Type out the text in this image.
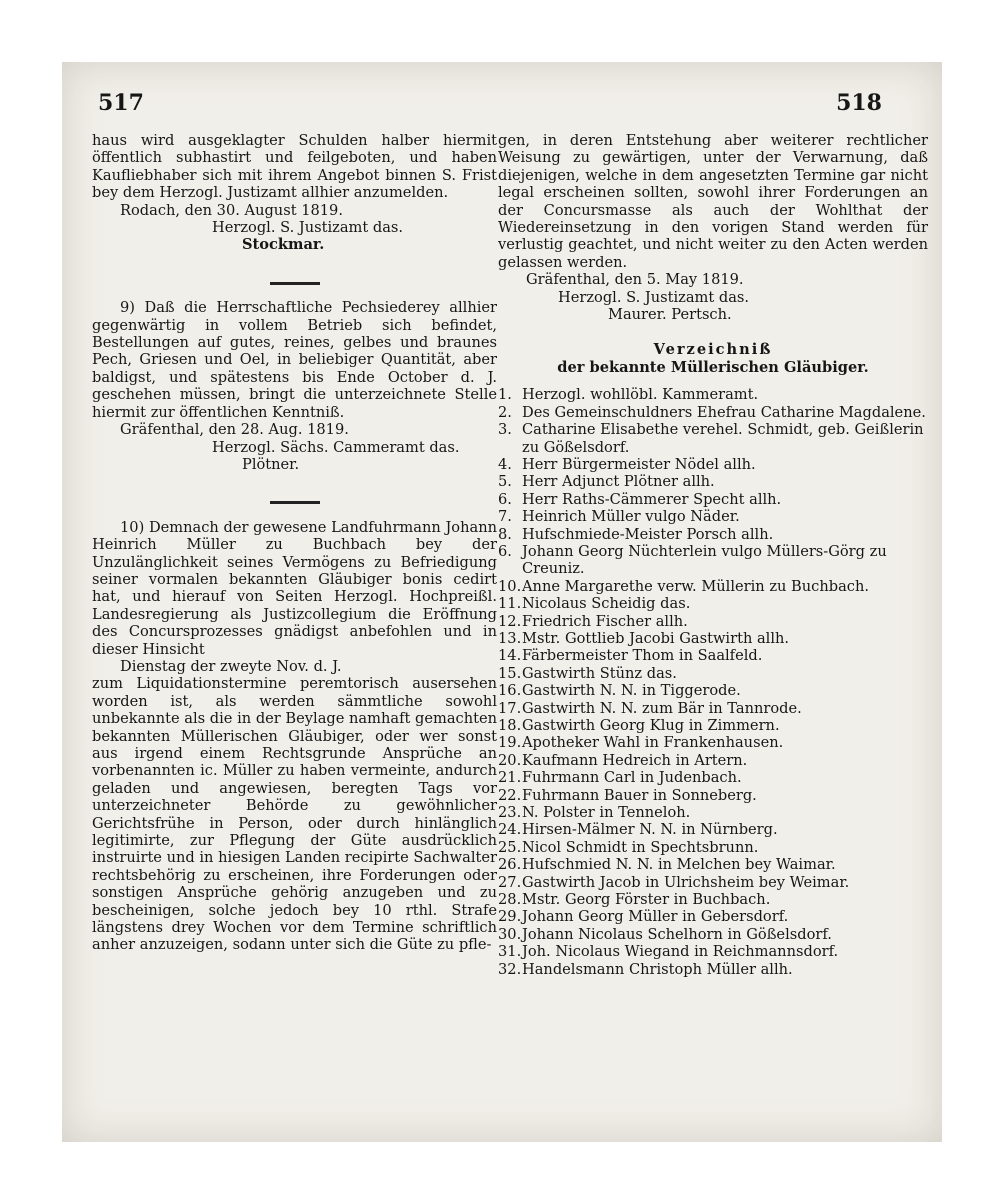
517	518

haus wird ausgeklagter Schulden halber hiermit öffentlich subhastirt und feilgeboten, und haben Kaufliebhaber sich mit ihrem Angebot binnen S. Frist bey dem Herzogl. Justizamt allhier anzumelden.

Rodach, den 30. August 1819.

Herzogl. S. Justizamt das.

Stockmar.

9) Daß die Herrschaftliche Pechsiederey allhier gegenwärtig in vollem Betrieb sich befindet, Bestellungen auf gutes, reines, gelbes und braunes Pech, Griesen und Oel, in beliebiger Quantität, aber baldigst, und spätestens bis Ende October d. J. geschehen müssen, bringt die unterzeichnete Stelle hiermit zur öffentlichen Kenntniß.

Gräfenthal, den 28. Aug. 1819.

Herzogl. Sächs. Cammeramt das.

Plötner.

10) Demnach der gewesene Landfuhrmann Johann Heinrich Müller zu Buchbach bey der Unzulänglichkeit seines Vermögens zu Befriedigung seiner vormalen bekannten Gläubiger bonis cedirt hat, und hierauf von Seiten Herzogl. Hochpreißl. Landesregierung als Justizcollegium die Eröffnung des Concursprozesses gnädigst anbefohlen und in dieser Hinsicht

Dienstag der zweyte Nov. d. J.

zum Liquidationstermine peremtorisch ausersehen worden ist, als werden sämmtliche sowohl unbekannte als die in der Beylage namhaft gemachten bekannten Müllerischen Gläubiger, oder wer sonst aus irgend einem Rechtsgrunde Ansprüche an vorbenannten ic. Müller zu haben vermeinte, andurch geladen und angewiesen, beregten Tags vor unterzeichneter Behörde zu gewöhnlicher Gerichtsfrühe in Person, oder durch hinlänglich legitimirte, zur Pflegung der Güte ausdrücklich instruirte und in hiesigen Landen recipirte Sachwalter rechtsbehörig zu erscheinen, ihre Forderungen oder sonstigen Ansprüche gehörig anzugeben und zu bescheinigen, solche jedoch bey 10 rthl. Strafe längstens drey Wochen vor dem Termine schriftlich anher anzuzeigen, sodann unter sich die Güte zu pfle-

gen, in deren Entstehung aber weiterer rechtlicher Weisung zu gewärtigen, unter der Verwarnung, daß diejenigen, welche in dem angesetzten Termine gar nicht legal erscheinen sollten, sowohl ihrer Forderungen an der Concursmasse als auch der Wohlthat der Wiedereinsetzung in den vorigen Stand werden für verlustig geachtet, und nicht weiter zu den Acten werden gelassen werden.

Gräfenthal, den 5. May 1819.

Herzogl. S. Justizamt das.

Maurer. Pertsch.

Verzeichniß
der bekannte Müllerischen Gläubiger.
1. Herzogl. wohllöbl. Kammeramt.
2. Des Gemeinschuldners Ehefrau Catharine Magdalene.
3. Catharine Elisabethe verehel. Schmidt, geb. Geißlerin zu Gößelsdorf.
4. Herr Bürgermeister Nödel allh.
5. Herr Adjunct Plötner allh.
6. Herr Raths-Cämmerer Specht allh.
7. Heinrich Müller vulgo Näder.
8. Hufschmiede-Meister Porsch allh.
6. Johann Georg Nüchterlein vulgo Müllers-Görg zu Creuniz.
10.Anne Margarethe verw. Müllerin zu Buchbach.
11.Nicolaus Scheidig das.
12.Friedrich Fischer allh.
13.Mstr. Gottlieb Jacobi Gastwirth allh.
14.Färbermeister Thom in Saalfeld.
15.Gastwirth Stünz das.
16.Gastwirth N. N. in Tiggerode.
17.Gastwirth N. N. zum Bär in Tannrode.
18.Gastwirth Georg Klug in Zimmern.
19.Apotheker Wahl in Frankenhausen.
20.Kaufmann Hedreich in Artern.
21.Fuhrmann Carl in Judenbach.
22.Fuhrmann Bauer in Sonneberg.
23.N. Polster in Tenneloh.
24.Hirsen-Mälmer N. N. in Nürnberg.
25.Nicol Schmidt in Spechtsbrunn.
26.Hufschmied N. N. in Melchen bey Waimar.
27.Gastwirth Jacob in Ulrichsheim bey Weimar.
28.Mstr. Georg Förster in Buchbach.
29.Johann Georg Müller in Gebersdorf.
30.Johann Nicolaus Schelhorn in Gößelsdorf.
31.Joh. Nicolaus Wiegand in Reichmannsdorf.
32.Handelsmann Christoph Müller allh.
